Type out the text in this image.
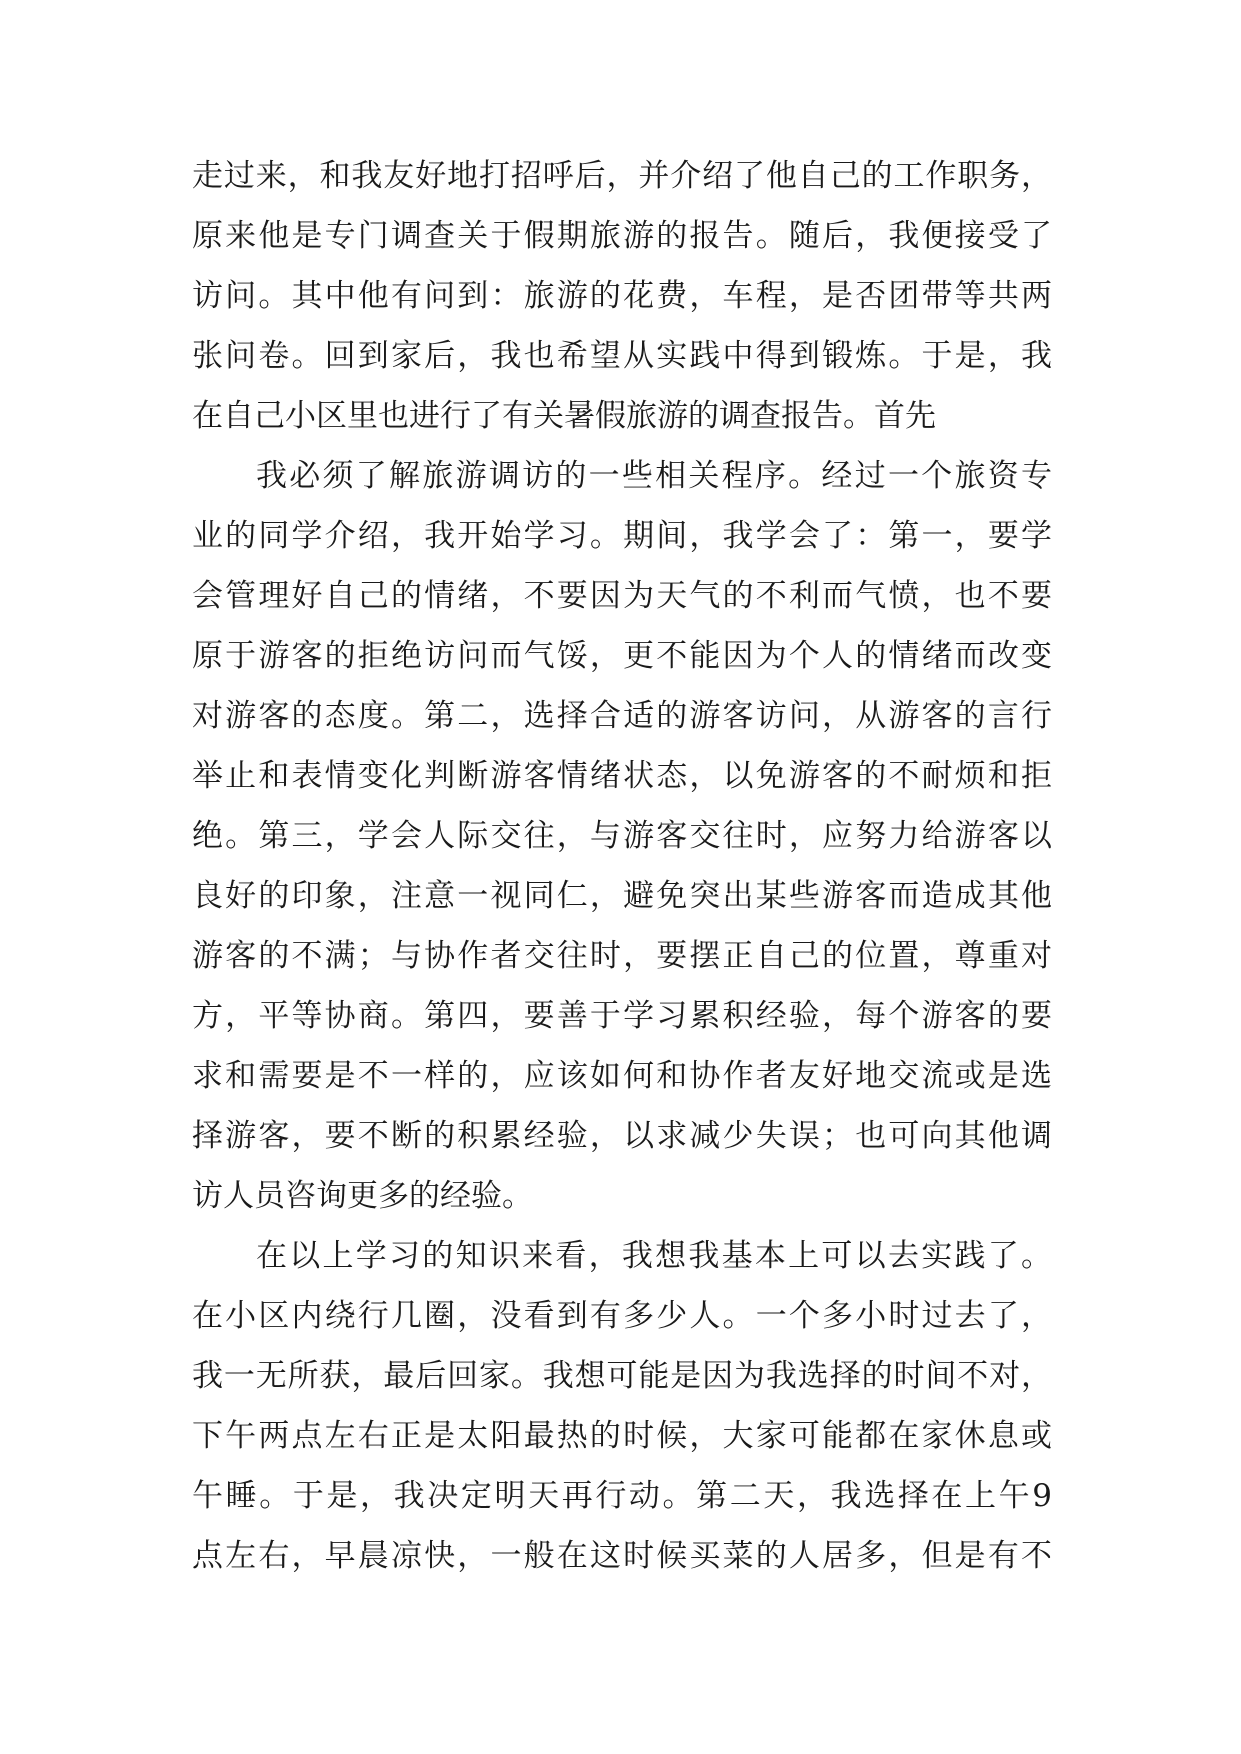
走过来，和我友好地打招呼后，并介绍了他自己的工作职务，
原来他是专门调查关于假期旅游的报告。随后，我便接受了
访问。其中他有问到：旅游的花费，车程，是否团带等共两
张问卷。回到家后，我也希望从实践中得到锻炼。于是，我
在自己小区里也进行了有关暑假旅游的调查报告。首先
我必须了解旅游调访的一些相关程序。经过一个旅资专
业的同学介绍，我开始学习。期间，我学会了：第一，要学
会管理好自己的情绪，不要因为天气的不利而气愤，也不要
原于游客的拒绝访问而气馁，更不能因为个人的情绪而改变
对游客的态度。第二，选择合适的游客访问，从游客的言行
举止和表情变化判断游客情绪状态，以免游客的不耐烦和拒
绝。第三，学会人际交往，与游客交往时，应努力给游客以
良好的印象，注意一视同仁，避免突出某些游客而造成其他
游客的不满；与协作者交往时，要摆正自己的位置，尊重对
方，平等协商。第四，要善于学习累积经验，每个游客的要
求和需要是不一样的，应该如何和协作者友好地交流或是选
择游客，要不断的积累经验，以求减少失误；也可向其他调
访人员咨询更多的经验。
在以上学习的知识来看，我想我基本上可以去实践了。
在小区内绕行几圈，没看到有多少人。一个多小时过去了，
我一无所获，最后回家。我想可能是因为我选择的时间不对，
下午两点左右正是太阳最热的时候，大家可能都在家休息或
午睡。于是，我决定明天再行动。第二天，我选择在上午9
点左右，早晨凉快，一般在这时候买菜的人居多，但是有不
